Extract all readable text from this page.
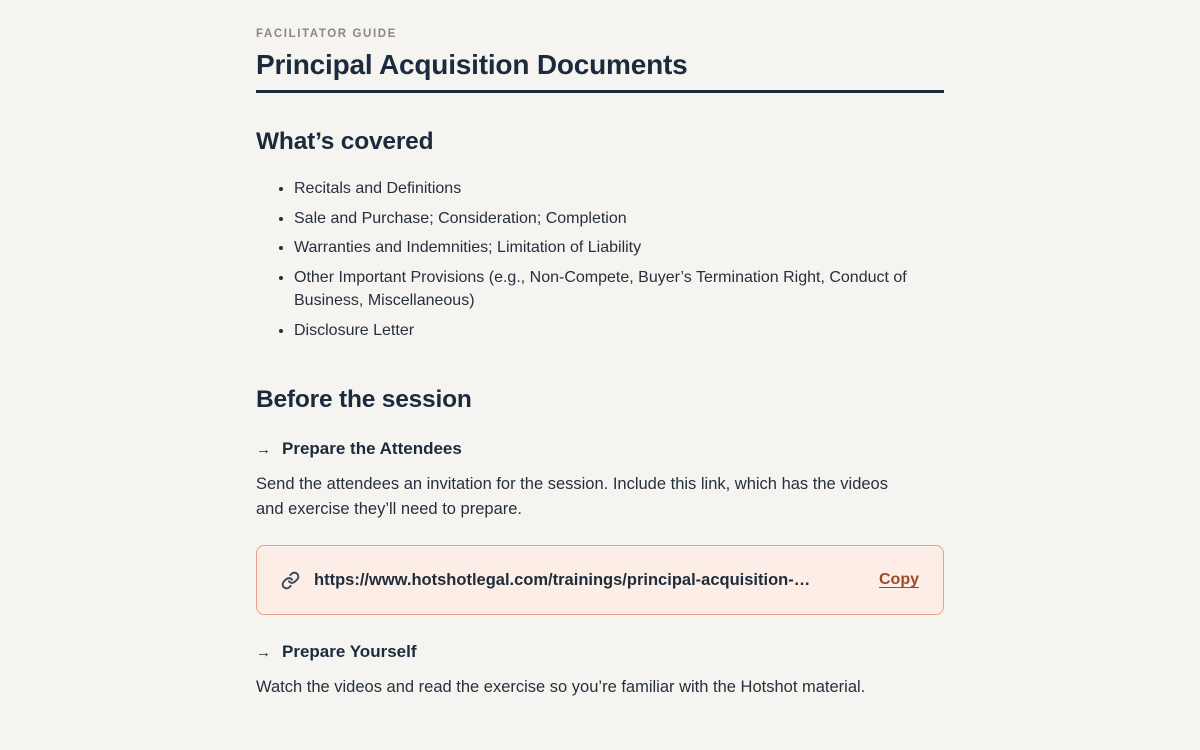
FACILITATOR GUIDE
Principal Acquisition Documents
What’s covered
• Recitals and Definitions
• Sale and Purchase; Consideration; Completion
• Warranties and Indemnities; Limitation of Liability
• Other Important Provisions (e.g., Non-Compete, Buyer’s Termination Right, Conduct of Business, Miscellaneous)
• Disclosure Letter
Before the session
→ Prepare the Attendees

Send the attendees an invitation for the session. Include this link, which has the videos and exercise they’ll need to prepare.

https://www.hotshotlegal.com/trainings/principal-acquisition-…	Copy
→ Prepare Yourself

Watch the videos and read the exercise so you’re familiar with the Hotshot material.
